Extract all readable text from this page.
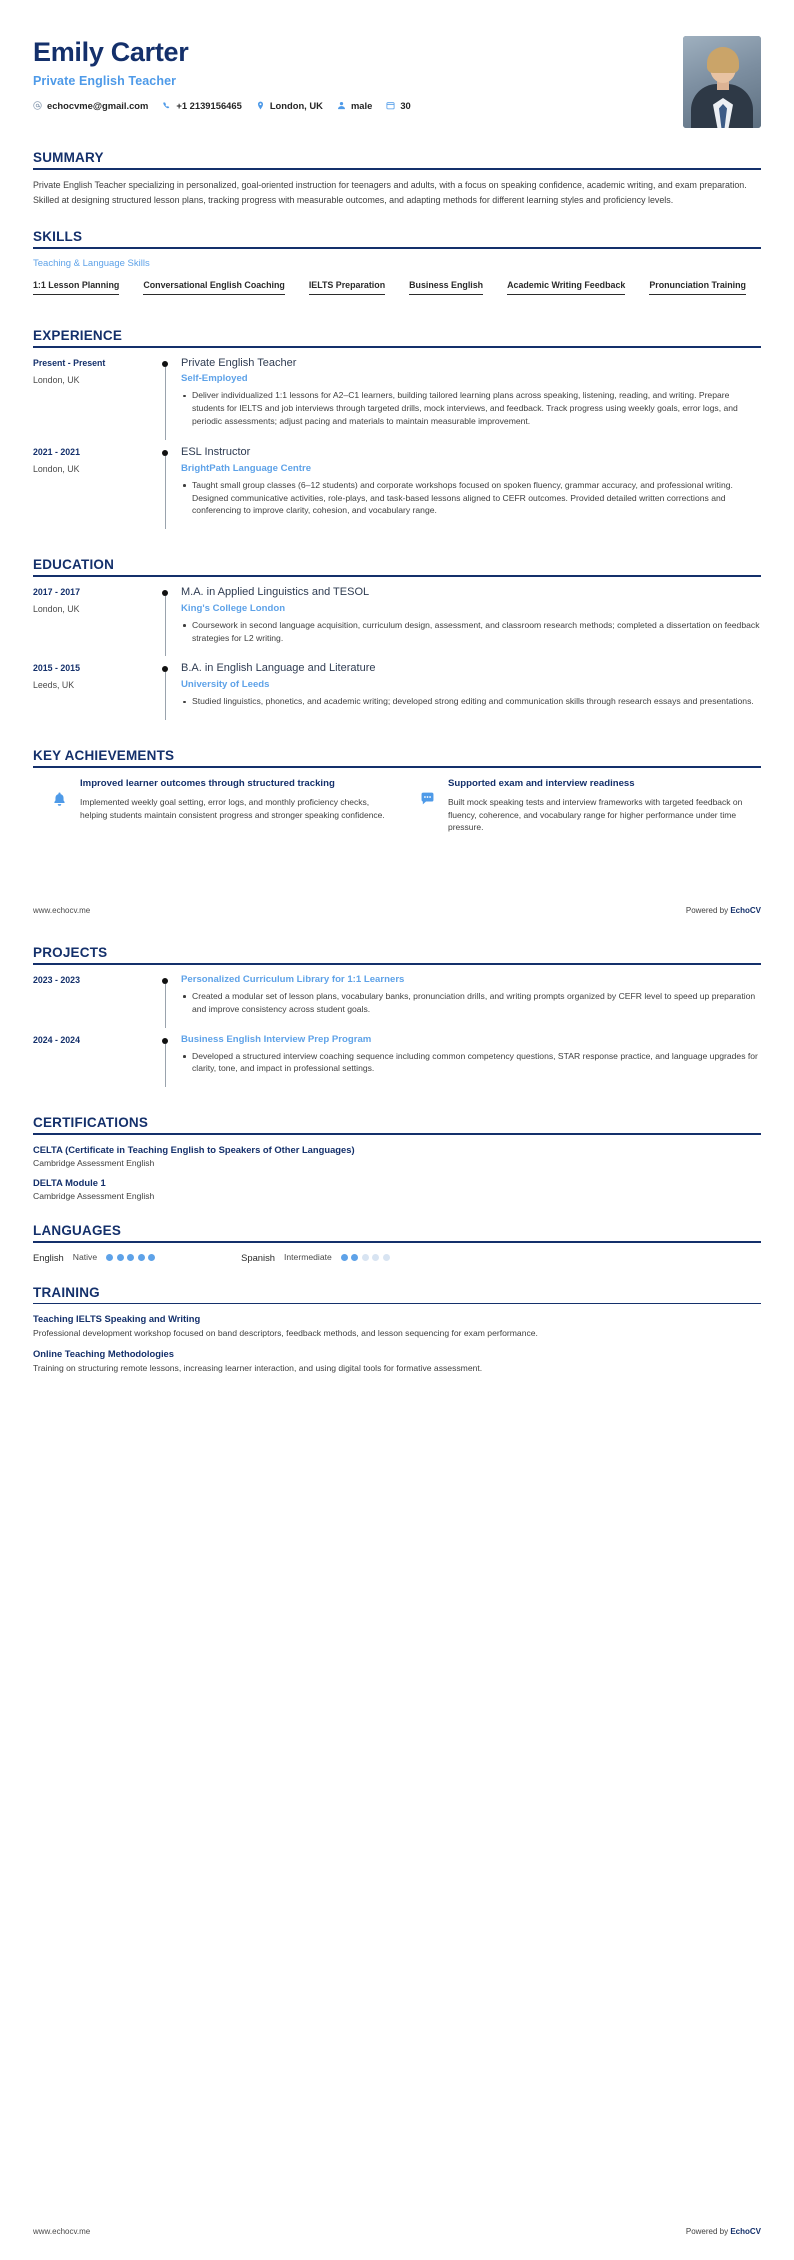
Emily Carter
Private English Teacher
echocvme@gmail.com	+1 2139156465	London, UK	male	30
SUMMARY

Private English Teacher specializing in personalized, goal-oriented instruction for teenagers and adults, with a focus on speaking confidence, academic writing, and exam preparation.

Skilled at designing structured lesson plans, tracking progress with measurable outcomes, and adapting methods for different learning styles and proficiency levels.

SKILLS
Teaching & Language Skills
1:1 Lesson Planning	Conversational English Coaching	IELTS Preparation	Business English	Academic Writing Feedback	Pronunciation Training
EXPERIENCE
Present - Present
London, UK
Private English Teacher
Self-Employed
Deliver individualized 1:1 lessons for A2–C1 learners, building tailored learning plans across speaking, listening, reading, and writing. Prepare students for IELTS and job interviews through targeted drills, mock interviews, and feedback. Track progress using weekly goals, error logs, and periodic assessments; adjust pacing and materials to maintain measurable improvement.
2021 - 2021
London, UK
ESL Instructor
BrightPath Language Centre
Taught small group classes (6–12 students) and corporate workshops focused on spoken fluency, grammar accuracy, and professional writing. Designed communicative activities, role-plays, and task-based lessons aligned to CEFR outcomes. Provided detailed written corrections and conferencing to improve clarity, cohesion, and vocabulary range.
EDUCATION
2017 - 2017
London, UK
M.A. in Applied Linguistics and TESOL
King's College London
Coursework in second language acquisition, curriculum design, assessment, and classroom research methods; completed a dissertation on feedback strategies for L2 writing.
2015 - 2015
Leeds, UK
B.A. in English Language and Literature
University of Leeds
Studied linguistics, phonetics, and academic writing; developed strong editing and communication skills through research essays and presentations.
KEY ACHIEVEMENTS
Improved learner outcomes through structured tracking
Implemented weekly goal setting, error logs, and monthly proficiency checks, helping students maintain consistent progress and stronger speaking confidence.
Supported exam and interview readiness
Built mock speaking tests and interview frameworks with targeted feedback on fluency, coherence, and vocabulary range for higher performance under time pressure.
www.echocv.me	Powered by EchoCV
PROJECTS
2023 - 2023	Personalized Curriculum Library for 1:1 Learners
Created a modular set of lesson plans, vocabulary banks, pronunciation drills, and writing prompts organized by CEFR level to speed up preparation and improve consistency across student goals.
2024 - 2024	Business English Interview Prep Program
Developed a structured interview coaching sequence including common competency questions, STAR response practice, and language upgrades for clarity, tone, and impact in professional settings.
CERTIFICATIONS
CELTA (Certificate in Teaching English to Speakers of Other Languages)
Cambridge Assessment English
DELTA Module 1
Cambridge Assessment English
LANGUAGES
English Native	Spanish Intermediate
TRAINING
Teaching IELTS Speaking and Writing
Professional development workshop focused on band descriptors, feedback methods, and lesson sequencing for exam performance.
Online Teaching Methodologies
Training on structuring remote lessons, increasing learner interaction, and using digital tools for formative assessment.
www.echocv.me	Powered by EchoCV
